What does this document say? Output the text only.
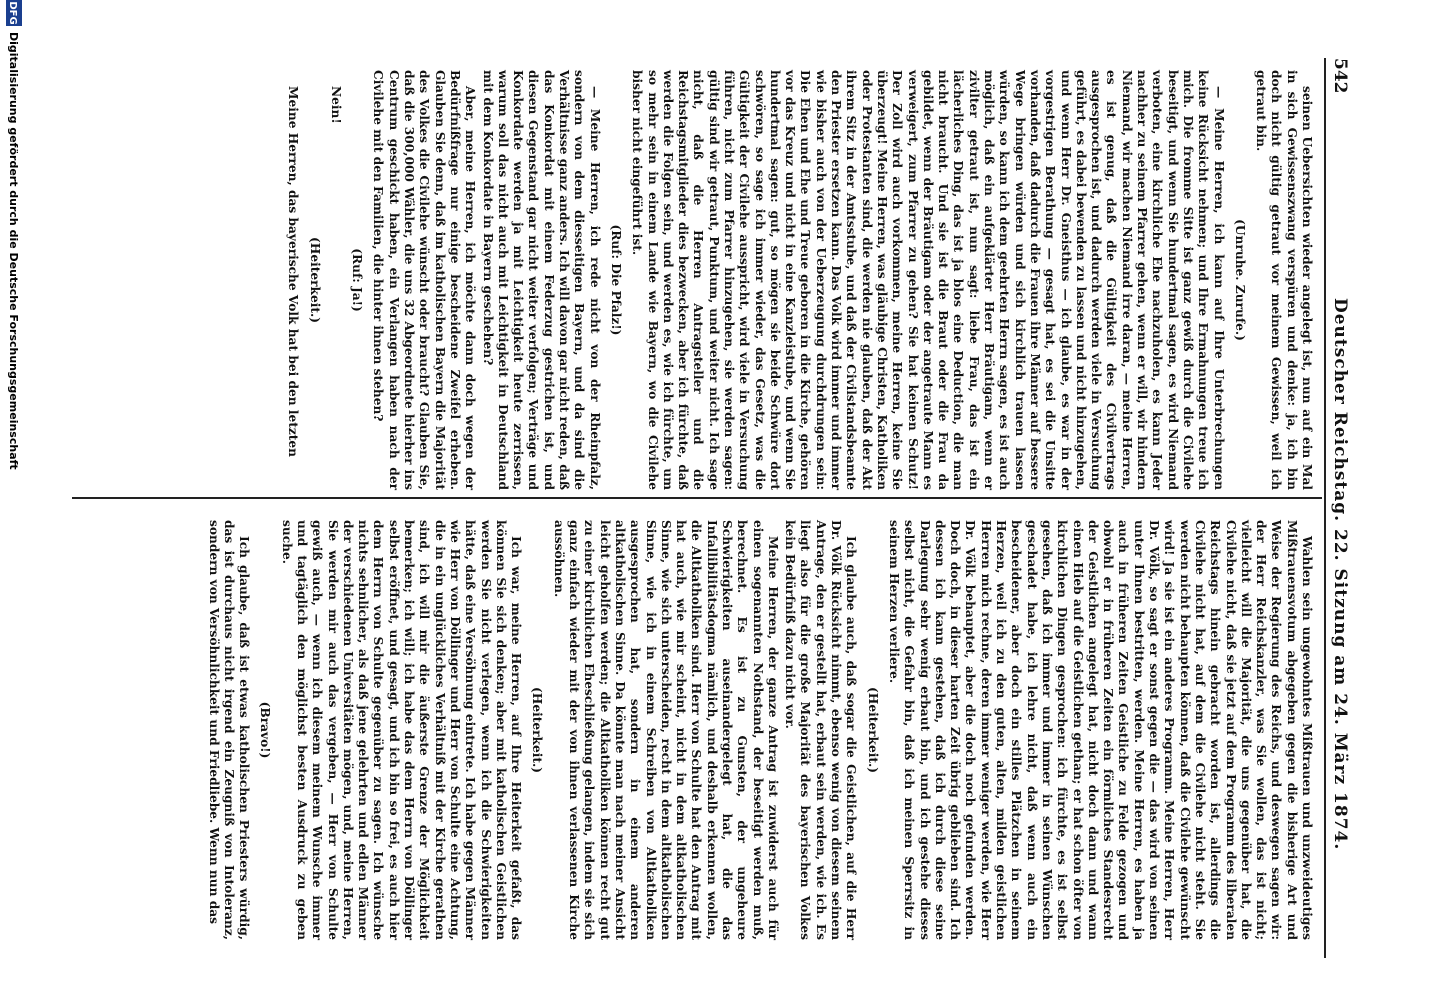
542
Deutscher Reichstag. 22. Sitzung am 24. März 1874.

seinen Uebersichten wieder angelegt ist, nun auf ein Mal in sich Gewissenszwang verspüren und denke: ja, ich bin doch nicht gültig getraut vor meinem Gewissen, weil ich getraut bin.

(Unruhe. Zurufe.)

— Meine Herren, ich kann auf Ihre Unterbrechungen keine Rücksicht nehmen; und Ihre Ermahnungen treue ich mich. Die fromme Sitte ist ganz gewiß durch die Civilehe beseitigt, und wenn Sie hundertmal sagen, es wird Niemand verboten, eine kirchliche Ehe nachzuholen, es kann Jeder nachher zu seinem Pfarrer gehen, wenn er will, wir hindern Niemand, wir machen Niemand irre daran, — meine Herren, es ist genug, daß die Gültigkeit des Civilvertrags ausgesprochen ist, und dadurch werden viele in Versuchung geführt, es dabei bewenden zu lassen und nicht hinzugehen, und wenn Herr Dr. Gneisthus — ich glaube, es war in der vorgestrigen Berathung — gesagt hat, es sei die Unsitte vorhanden, daß dadurch die Frauen ihre Männer auf bessere Wege bringen würden und sich kirchlich trauen lassen würden, so kann ich dem geehrten Herrn sagen, es ist auch möglich, daß ein aufgeklärter Herr Bräutigam, wenn er zivilter getraut ist, nun sagt: liebe Frau, das ist ein lächerliches Ding, das ist ja blos eine Deduction, die man nicht braucht. Und sie ist die Braut oder die Frau da gebildet, wenn der Bräutigam oder der angetraute Mann es verweigert, zum Pfarrer zu gehen? Sie hat keinen Schutz! Der Zoll wird auch vorkommen, meine Herren, keine Sie überzeugt! Meine Herren, was gläubige Christen, Katholiken oder Protestanten sind, die werden nie glauben, daß der Akt ihrem Sitz in der Amtsstube, und daß der Civilstandsbeamte den Priester ersetzen kann. Das Volk wird immer und immer wie bisher auch von der Ueberzeugung durchdrungen sein: Die Ehen und Ehe und Treue geboren in die Kirche, gehören vor das Kreuz und nicht in eine Kanzleistube, und wenn Sie hundertmal sagen: gut, so mögen sie beide Schwüre dort schwören, so sage ich immer wieder, das Gesetz, was die Gültigkeit der Civilehe ausspricht, wird viele in Versuchung führen, nicht zum Pfarrer hinzugehen, sie werden sagen: gültig sind wir getraut, Punktum, und weiter nicht. Ich sage nicht, daß die Herren Antragsteller und die Reichstagsmitglieder dies bezwecken, aber ich fürchte, daß werden die Folgen sein, und werden es, wie ich fürchte, um so mehr sein in einem Lande wie Bayern, wo die Civilehe bisher nicht eingeführt ist.

(Ruf: Die Pfalz!)

— Meine Herren, ich rede nicht von der Rheinpfalz, sondern von dem diesseitigen Bayern, und da sind die Verhältnisse ganz anders. Ich will davon gar nicht reden, daß das Konkordat mit einem Federzug gestrichen ist, und diesen Gegenstand gar nicht weiter verfolgen; Verträge und Konkordate werden ja mit Leichtigkeit heute zerrissen, warum soll das nicht auch mit Leichtigkeit in Deutschland mit dem Konkordate in Bayern geschehen?

Aber, meine Herren, ich möchte dann doch wegen der Bedürfnißfrage nur einige bescheidene Zweifel erheben. Glauben Sie denn, daß im katholischen Bayern die Majorität des Volkes die Civilehe wünscht oder braucht? Glauben Sie, daß die 300,000 Wähler, die uns 32 Abgeordnete hierher ins Centrum geschickt haben, ein Verlangen haben nach der Civilehe mit den Familien, die hinter ihnen stehen?

(Ruf: Ja!)

Nein!

(Heiterkeit.)

Meine Herren, das bayerische Volk hat bei den letzten

Wahlen sein ungewohntes Mißtrauen und unzweideutiges Mißtrauensvotum abgegeben gegen die bisherige Art und Weise der Regierung des Reichs, und deswegen sagen wir: der Herr Reichskanzler, was Sie wollen, das ist nicht; vielleicht will die Majorität, die uns gegenüber hat, die Civilehe nicht, daß sie jetzt auf dem Programm des liberalen Reichstags hinein gebracht worden ist, allerdings die Civilehe nicht hat, auf dem die Civilehe nicht steht. Sie werden nicht behaupten können, daß die Civilehe gewünscht wird! Ja sie ist ein anderes Programm. Meine Herren, Herr Dr. Völk, so sagt er sonst gegen die — das wird von seinen unter Ihnen bestritten, werden. Meine Herren, es haben ja auch in früheren Zeiten Geistliche zu Felde gezogen und obwohl er in früheren Zeiten ein förmliches Standesrecht der Geistlichen angelegt hat, nicht doch dann und wann einen Hieb auf die Geistlichen gethan; er hat schon öfter von kirchlichen Dingen gesprochen: ich fürchte, es ist selbst gesehen, daß ich immer und immer in seinen Wünschen geschadet habe, ich lehre nicht, daß wenn auch ein bescheidener, aber doch ein stilles Plätzchen in seinem Herzen, weil ich zu den guten, alten, milden geistlichen Herren mich rechne, deren immer weniger werden, wie Herr Dr. Völk behauptet, aber die doch noch gefunden werden. Doch doch, in dieser harten Zeit übrig geblieben sind. Ich dessen ich kann gestehen, daß ich durch diese seine Darlegung sehr wenig erbaut bin, und ich gestehe dieses selbst nicht, die Gefahr bin, daß ich meinen Sperrsitz in seinem Herzen verliere.

(Heiterkeit.)

Ich glaube auch, daß sogar die Geistlichen, auf die Herr Dr. Völk Rücksicht nimmt, ebenso wenig von diesem seinem Antrage, den er gestellt hat, erbaut sein werden, wie ich. Es liegt also für die große Majorität des bayerischen Volkes kein Bedürfniß dazu nicht vor.

Meine Herren, der ganze Antrag ist zuwiderst auch für einen sogenannten Nothstand, der beseitigt werden muß, berechnet. Es ist zu Gunsten, der ungeheure Schwierigkeiten auseinandergelegt hat, die das Infallibilitätsdogma nämlich, und deshalb erkennen wollen, die Altkatholiken sind. Herr von Schulte hat den Antrag mit hat auch, wie mir scheint, nicht in dem altkatholischen Sinne, wie sich unterscheiden, recht in dem altkatholischen Sinne, wie ich in einem Schreiben von Altkatholiken ausgesprochen hat, sondern in einem anderen altkatholischen Sinne. Da könnte man nach meiner Ansicht leicht geholfen werden; die Altkatholiken können recht gut zu einer kirchlichen Eheschließung gelangen, indem sie sich ganz einfach wieder mit der von ihnen verlassenen Kirche aussöhnen.

(Heiterkeit.)

Ich war, meine Herren, auf Ihre Heiterkeit gefaßt, das können Sie sich denken; aber mit katholischen Geistlichen werden Sie nicht verlegen, wenn ich die Schwierigkeiten hätte, daß eine Versöhnung eintrete. Ich habe gegen Männer wie Herr von Döllinger und Herr von Schulte eine Achtung, die in ein unglückliches Verhältniß mit der Kirche gerathen sind, ich will mir die äußerste Grenze der Möglichkeit bemerken; ich will; ich habe das dem Herrn von Döllinger selbst eröffnet, und gesagt, und ich bin so frei, es auch hier dem Herrn von Schulte gegenüber zu sagen. Ich wünsche nichts sehnlicher, als daß jene gelehrten und edlen Männer der verschiedenen Universitäten mögen, und, meine Herren, Sie werden mir auch das vergeben, — Herr von Schulte gewiß auch, — wenn ich diesem meinem Wunsche immer und tagtäglich den möglichst besten Ausdruck zu geben suche.

(Bravo!)

Ich glaube, daß ist etwas katholischen Priesters würdig, das ist durchaus nicht irgend ein Zeugniß von Intoleranz, sondern von Versöhnlichkeit und Friedliebe. Wenn nun das

DFG
Digitalisierung gefördert durch die Deutsche Forschungsgemeinschaft
